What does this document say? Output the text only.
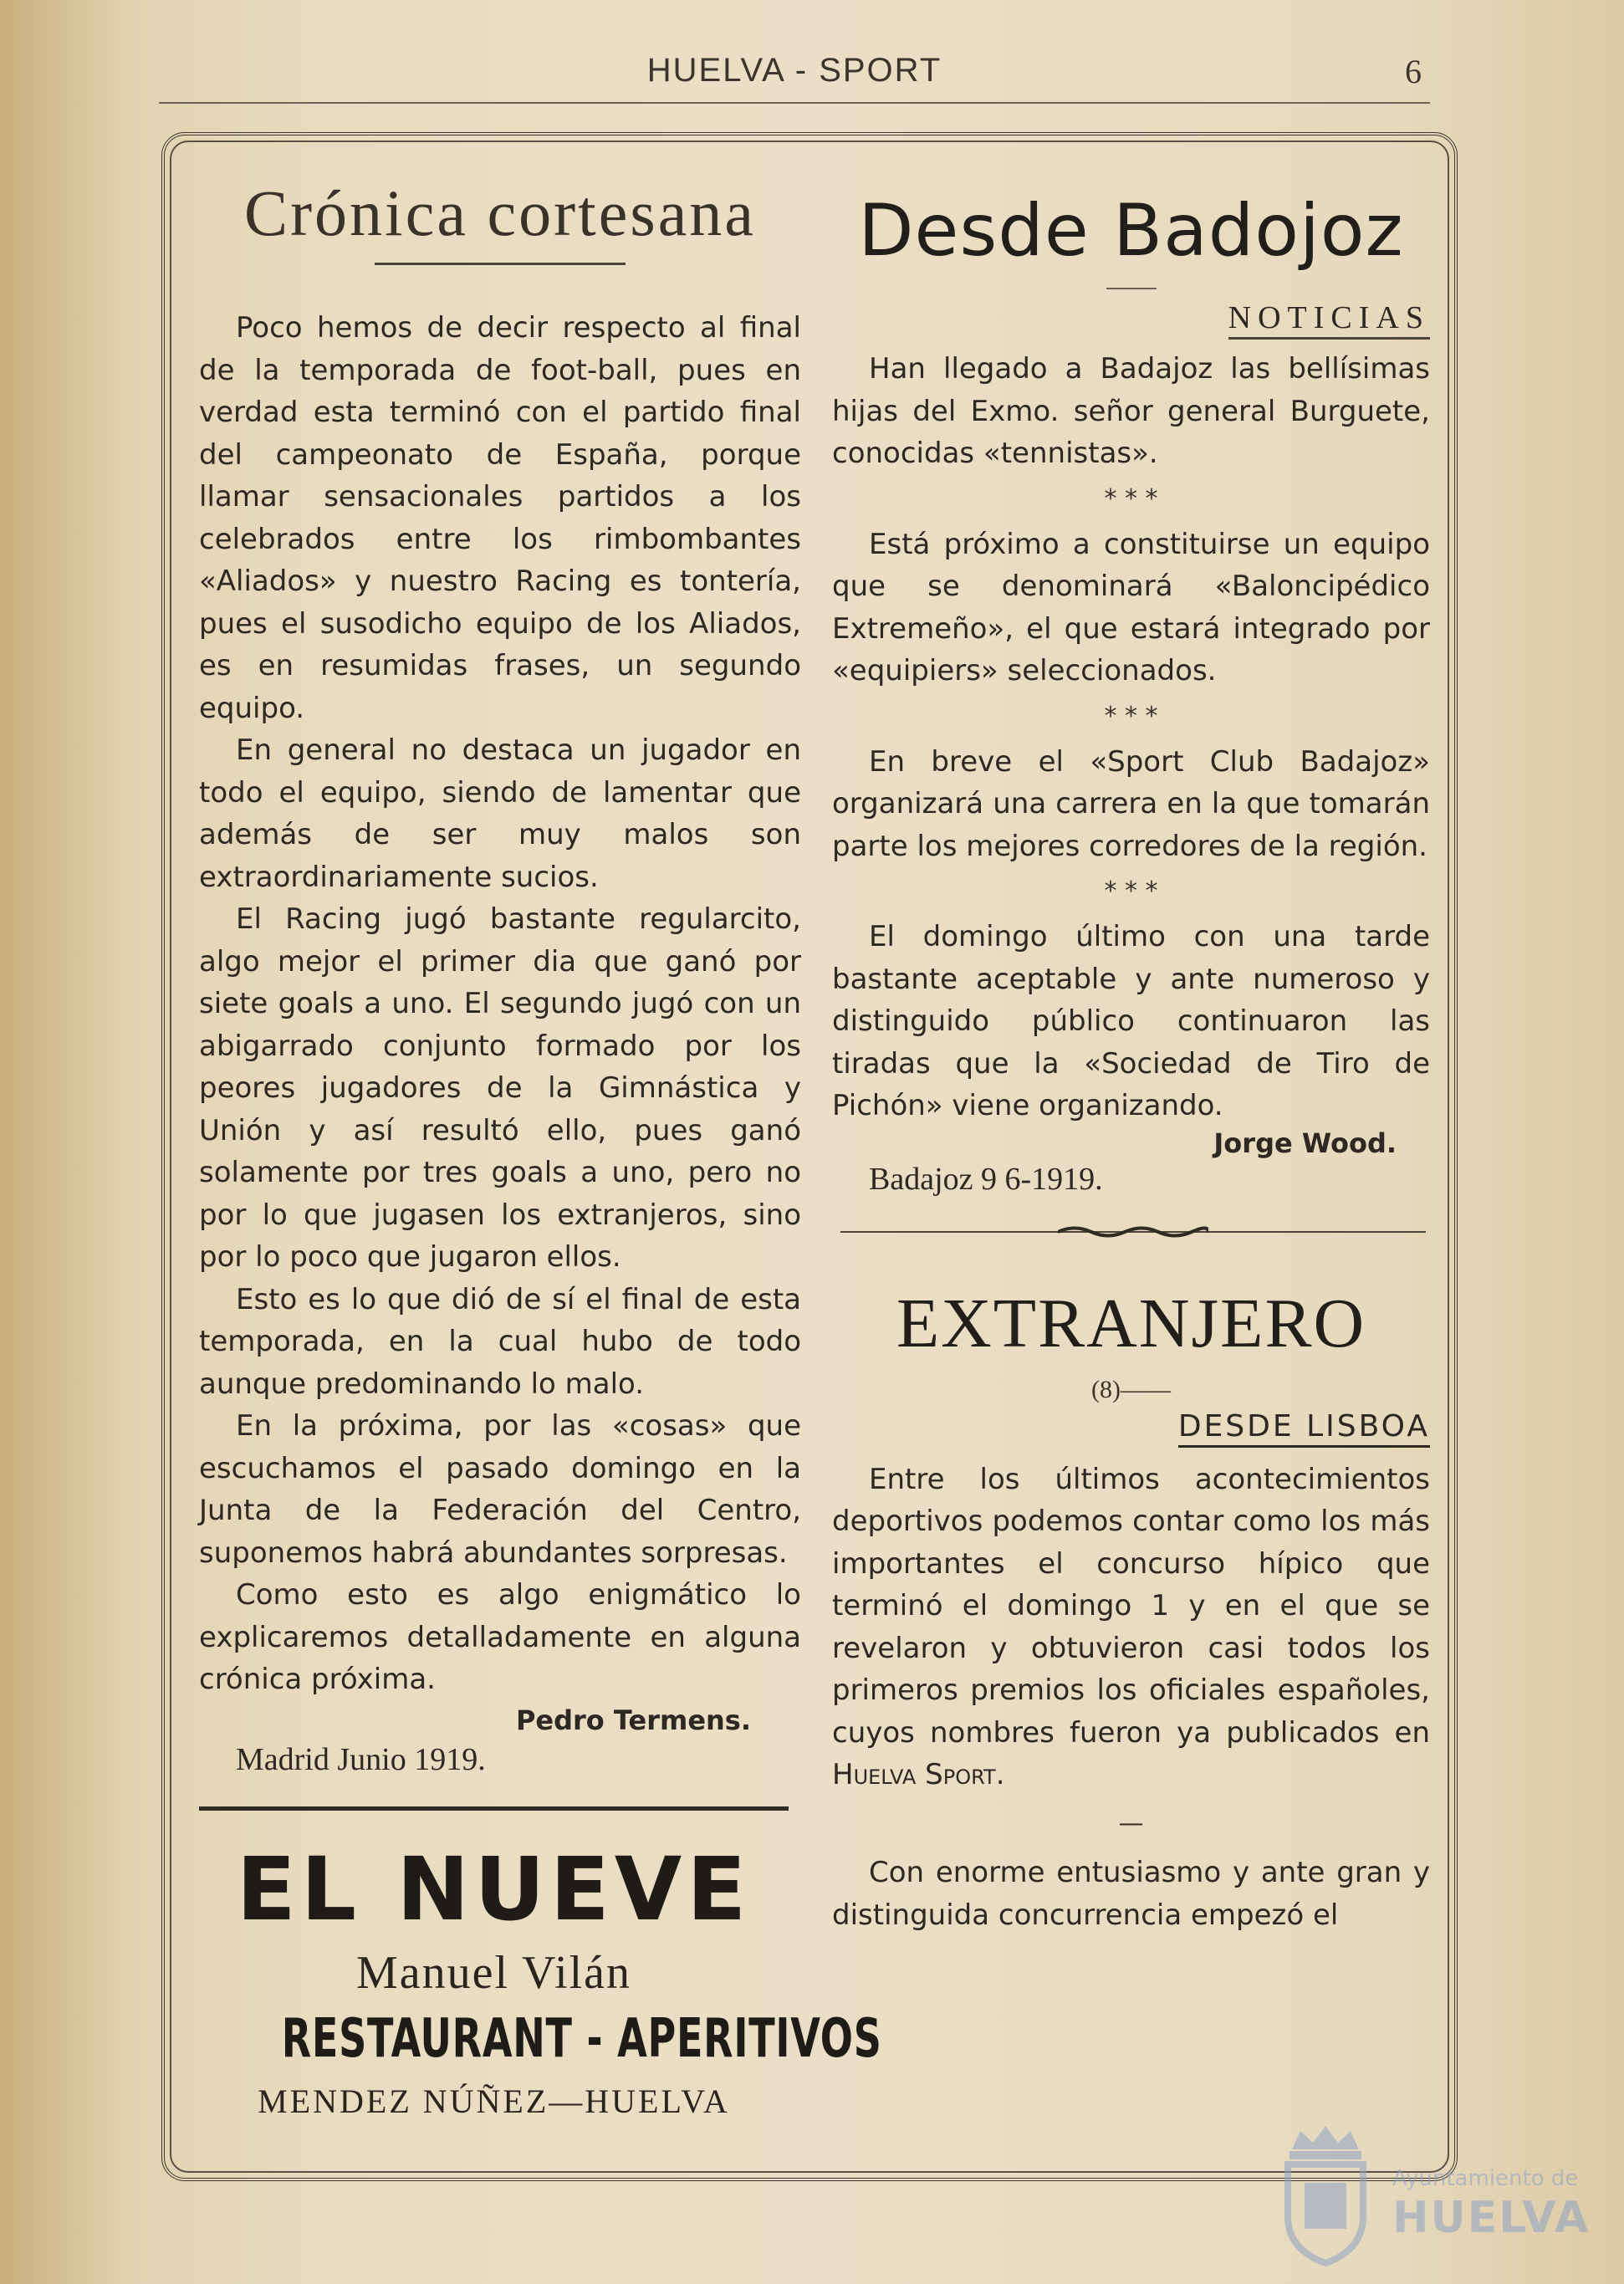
HUELVA - SPORT	6
Crónica cortesana

Poco hemos de decir respecto al final de la temporada de foot-ball, pues en verdad esta terminó con el partido final del campeonato de España, porque llamar sensacionales partidos a los celebrados entre los rimbombantes «Aliados» y nuestro Racing es tontería, pues el susodicho equipo de los Aliados, es en resumidas frases, un segundo equipo.

En general no destaca un jugador en todo el equipo, siendo de lamentar que además de ser muy malos son extraordinariamente sucios.

El Racing jugó bastante regularcito, algo mejor el primer dia que ganó por siete goals a uno. El segundo jugó con un abigarrado conjunto formado por los peores jugadores de la Gimnástica y Unión y así resultó ello, pues ganó solamente por tres goals a uno, pero no por lo que jugasen los extranjeros, sino por lo poco que jugaron ellos.

Esto es lo que dió de sí el final de esta temporada, en la cual hubo de todo aunque predominando lo malo.

En la próxima, por las «cosas» que escuchamos el pasado domingo en la Junta de la Federación del Centro, suponemos habrá abundantes sorpresas.

Como esto es algo enigmático lo explicaremos detalladamente en alguna crónica próxima.

Pedro Termens.
Madrid Junio 1919.
EL NUEVE
Manuel Vilán
RESTAURANT - APERITIVOS
MENDEZ NÚÑEZ—HUELVA
Desde Badojoz
NOTICIAS

Han llegado a Badajoz las bellísimas hijas del Exmo. señor general Burguete, conocidas «tennistas».

* * *

Está próximo a constituirse un equipo que se denominará «Baloncipédico Extremeño», el que estará integrado por «equipiers» seleccionados.

* * *

En breve el «Sport Club Badajoz» organizará una carrera en la que tomarán parte los mejores corredores de la región.

* * *

El domingo último con una tarde bastante aceptable y ante numeroso y distinguido público continuaron las tiradas que la «Sociedad de Tiro de Pichón» viene organizando.

Jorge Wood.
Badajoz 9 6-1919.
EXTRANJERO
(8)——
DESDE LISBOA

Entre los últimos acontecimientos deportivos podemos contar como los más importantes el concurso hípico que terminó el domingo 1 y en el que se revelaron y obtuvieron casi todos los primeros premios los oficiales españoles, cuyos nombres fueron ya publicados en Huelva Sport.

—

Con enorme entusiasmo y ante gran y distinguida concurrencia empezó el

Ayuntamiento de
HUELVA
